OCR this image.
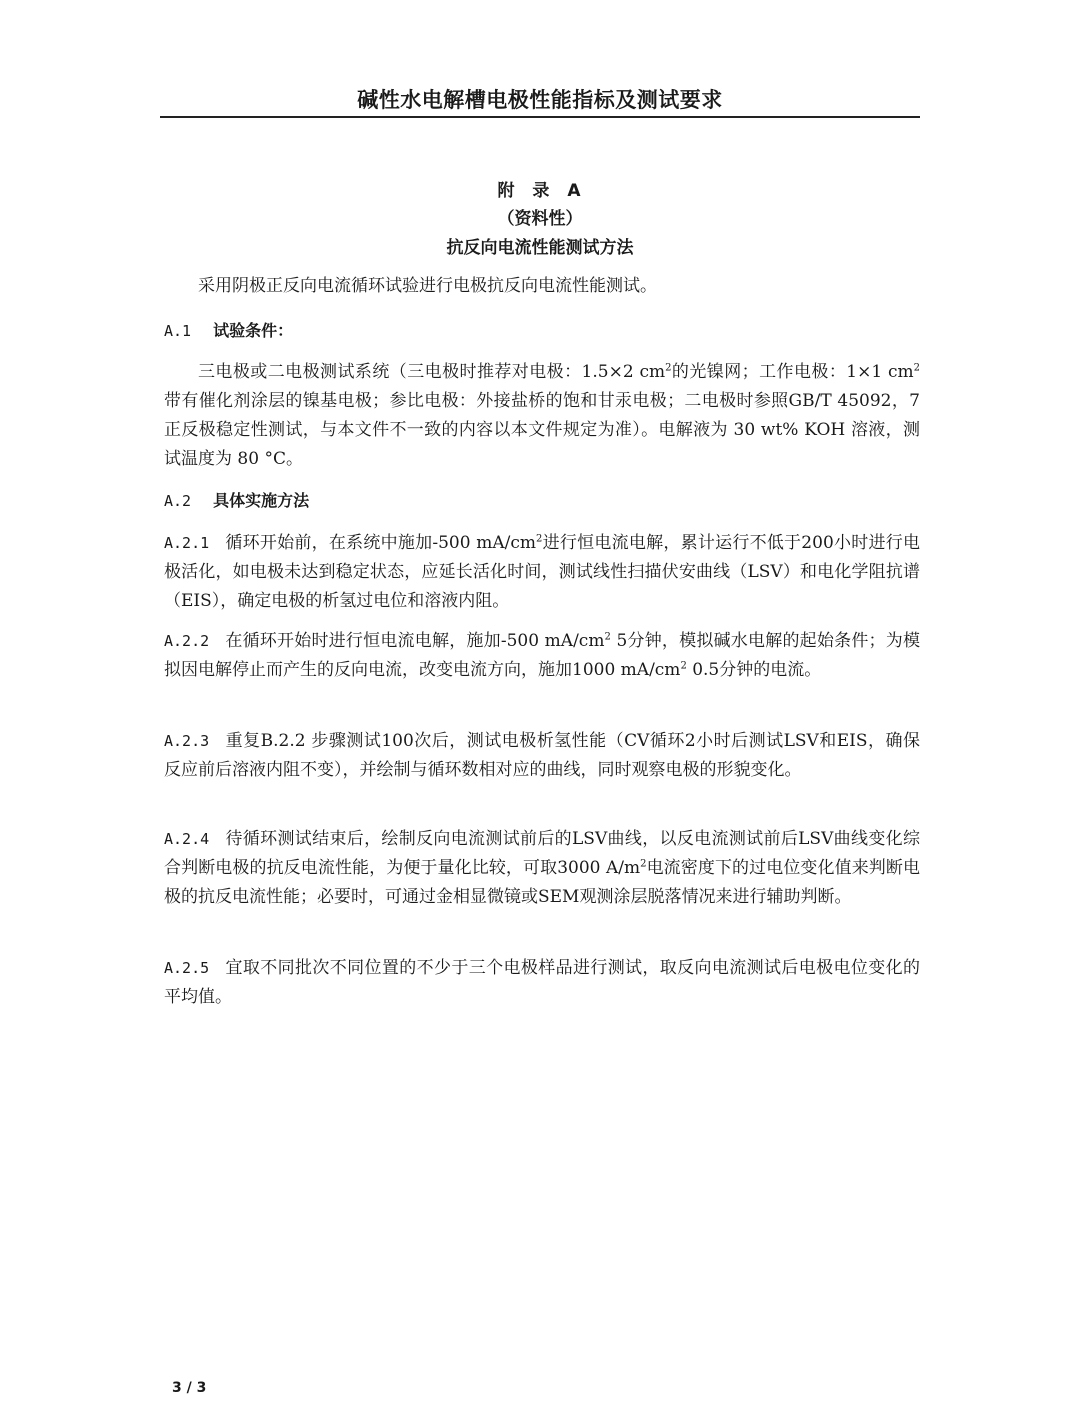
碱性水电解槽电极性能指标及测试要求
附 录 A
（资料性）
抗反向电流性能测试方法
采用阴极正反向电流循环试验进行电极抗反向电流性能测试。
A.1 试验条件：
三电极或二电极测试系统（三电极时推荐对电极：1.5×2 $cm^2$的光镍网；工作电极：1×1 $cm^2$带有催化剂涂层的镍基电极；参比电极：外接盐桥的饱和甘汞电极；二电极时参照GB/T 45092，7 正反极稳定性测试，与本文件不一致的内容以本文件规定为准）。电解液为 30 wt% KOH 溶液，测试温度为 80 °C。
A.2 具体实施方法
A.2.1 循环开始前，在系统中施加-500 $mA/cm^2$进行恒电流电解，累计运行不低于200小时进行电极活化，如电极未达到稳定状态，应延长活化时间，测试线性扫描伏安曲线（LSV）和电化学阻抗谱（EIS），确定电极的析氢过电位和溶液内阻。
A.2.2 在循环开始时进行恒电流电解，施加-500 $mA/cm^2$ 5分钟，模拟碱水电解的起始条件；为模拟因电解停止而产生的反向电流，改变电流方向，施加1000 $mA/cm^2$ 0.5分钟的电流。
A.2.3 重复B.2.2 步骤测试100次后，测试电极析氢性能（CV循环2小时后测试LSV和EIS，确保反应前后溶液内阻不变），并绘制与循环数相对应的曲线，同时观察电极的形貌变化。
A.2.4 待循环测试结束后，绘制反向电流测试前后的LSV曲线，以反电流测试前后LSV曲线变化综合判断电极的抗反电流性能，为便于量化比较，可取3000 $A/m^2$电流密度下的过电位变化值来判断电极的抗反电流性能；必要时，可通过金相显微镜或SEM观测涂层脱落情况来进行辅助判断。
A.2.5 宜取不同批次不同位置的不少于三个电极样品进行测试，取反向电流测试后电极电位变化的平均值。
3 / 3
